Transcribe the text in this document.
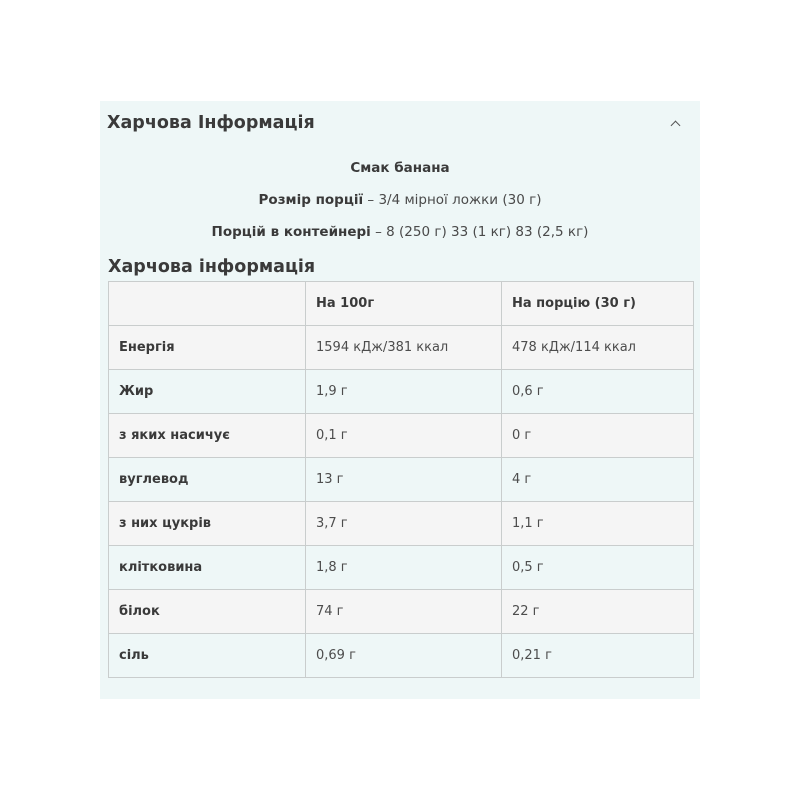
Харчова Інформація
Смак банана
Розмір порції – 3/4 мірної ложки (30 г)
Порцій в контейнері – 8 (250 г) 33 (1 кг) 83 (2,5 кг)
Харчова інформація
	На 100г	На порцію (30 г)
Енергія	1594 кДж/381 ккал	478 кДж/114 ккал
Жир	1,9 г	0,6 г
з яких насичує	0,1 г	0 г
вуглевод	13 г	4 г
з них цукрів	3,7 г	1,1 г
клітковина	1,8 г	0,5 г
білок	74 г	22 г
сіль	0,69 г	0,21 г
